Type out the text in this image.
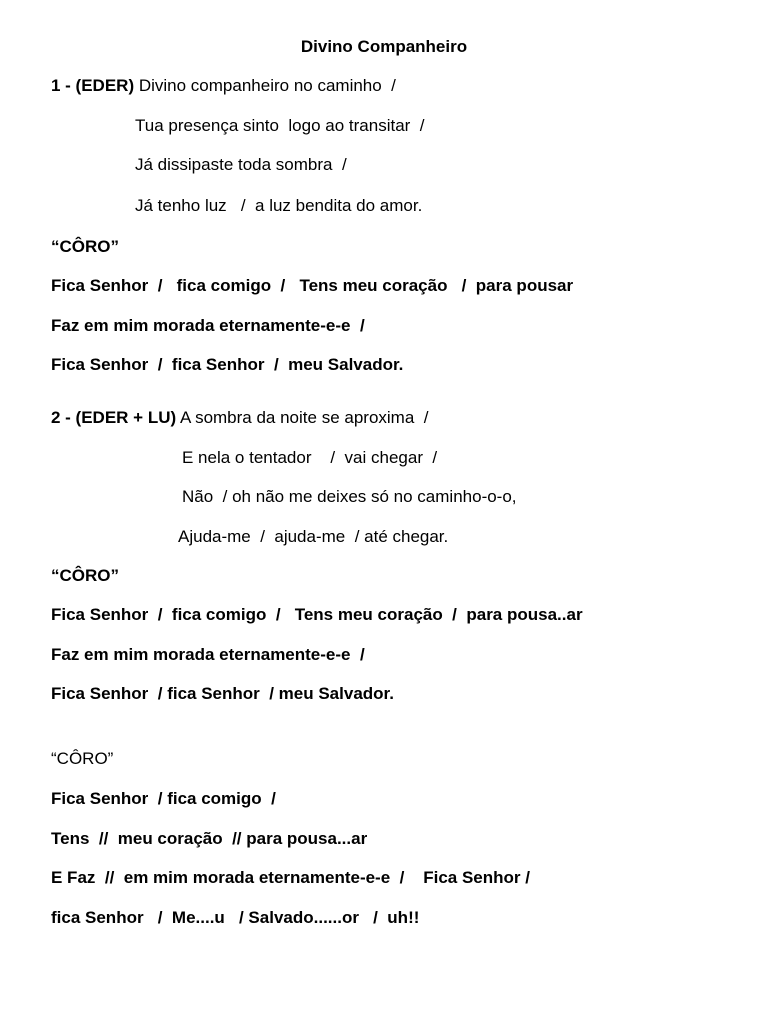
Divino Companheiro
1 - (EDER) Divino companheiro no caminho  /
Tua presença sinto  logo ao transitar  /
Já dissipaste toda sombra  /
Já tenho luz   /  a luz bendita do amor.
“CÔRO”
Fica Senhor  /   fica comigo  /   Tens meu coração   /  para pousar
Faz em mim morada eternamente-e-e  /
Fica Senhor  /  fica Senhor  /  meu Salvador.
2 - (EDER + LU) A sombra da noite se aproxima  /
E nela o tentador    /  vai chegar  /
Não  / oh não me deixes só no caminho-o-o,
Ajuda-me  /  ajuda-me  / até chegar.
“CÔRO”
Fica Senhor  /  fica comigo  /   Tens meu coração  /  para pousa..ar
Faz em mim morada eternamente-e-e  /
Fica Senhor  / fica Senhor  / meu Salvador.
“CÔRO”
Fica Senhor  / fica comigo  /
Tens  //  meu coração  // para pousa...ar
E Faz  //  em mim morada eternamente-e-e  /    Fica Senhor /
fica Senhor   /  Me....u   / Salvado......or   /  uh!!
